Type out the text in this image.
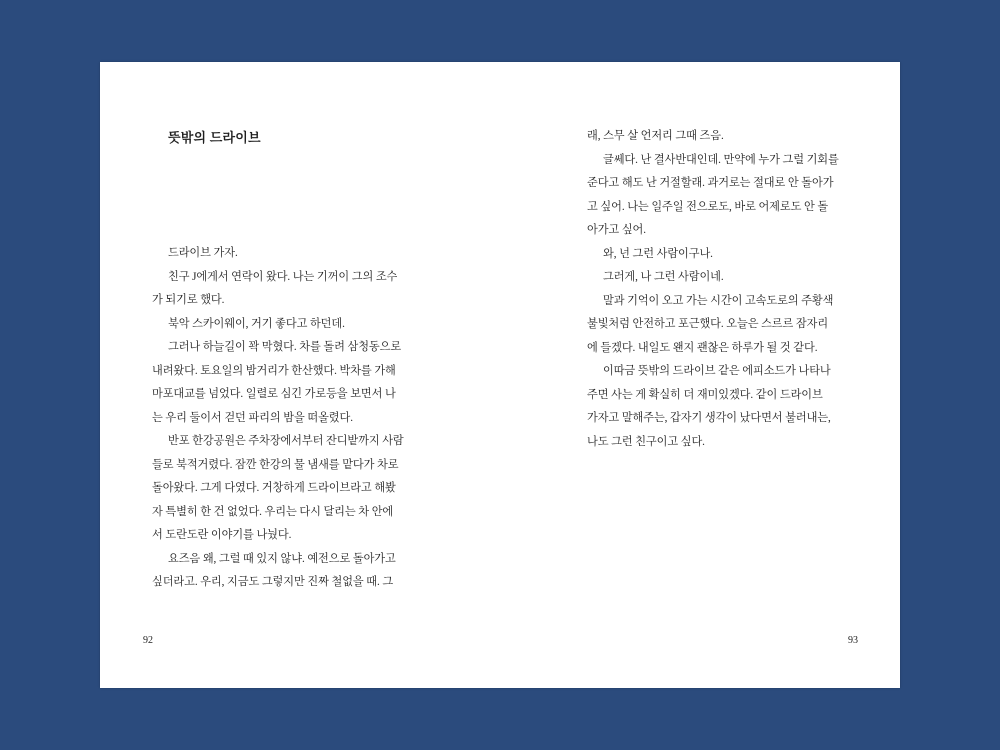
뜻밖의 드라이브
드라이브 가자.
친구 J에게서 연락이 왔다. 나는 기꺼이 그의 조수
가 되기로 했다.
북악 스카이웨이, 거기 좋다고 하던데.
그러나 하늘길이 꽉 막혔다. 차를 돌려 삼청동으로
내려왔다. 토요일의 밤거리가 한산했다. 박차를 가해
마포대교를 넘었다. 일렬로 심긴 가로등을 보면서 나
는 우리 둘이서 걷던 파리의 밤을 떠올렸다.
반포 한강공원은 주차장에서부터 잔디밭까지 사람
들로 북적거렸다. 잠깐 한강의 물 냄새를 맡다가 차로
돌아왔다. 그게 다였다. 거창하게 드라이브라고 해봤
자 특별히 한 건 없었다. 우리는 다시 달리는 차 안에
서 도란도란 이야기를 나눴다.
요즈음 왜, 그럴 때 있지 않냐. 예전으로 돌아가고
싶더라고. 우리, 지금도 그렇지만 진짜 철없을 때. 그
92
래, 스무 살 언저리 그때 즈음.
글쎄다. 난 결사반대인데. 만약에 누가 그럴 기회를
준다고 해도 난 거절할래. 과거로는 절대로 안 돌아가
고 싶어. 나는 일주일 전으로도, 바로 어제로도 안 돌
아가고 싶어.
와, 넌 그런 사람이구나.
그러게, 나 그런 사람이네.
말과 기억이 오고 가는 시간이 고속도로의 주황색
불빛처럼 안전하고 포근했다. 오늘은 스르르 잠자리
에 들겠다. 내일도 왠지 괜찮은 하루가 될 것 같다.
이따금 뜻밖의 드라이브 같은 에피소드가 나타나
주면 사는 게 확실히 더 재미있겠다. 같이 드라이브
가자고 말해주는, 갑자기 생각이 났다면서 불러내는,
나도 그런 친구이고 싶다.
93
